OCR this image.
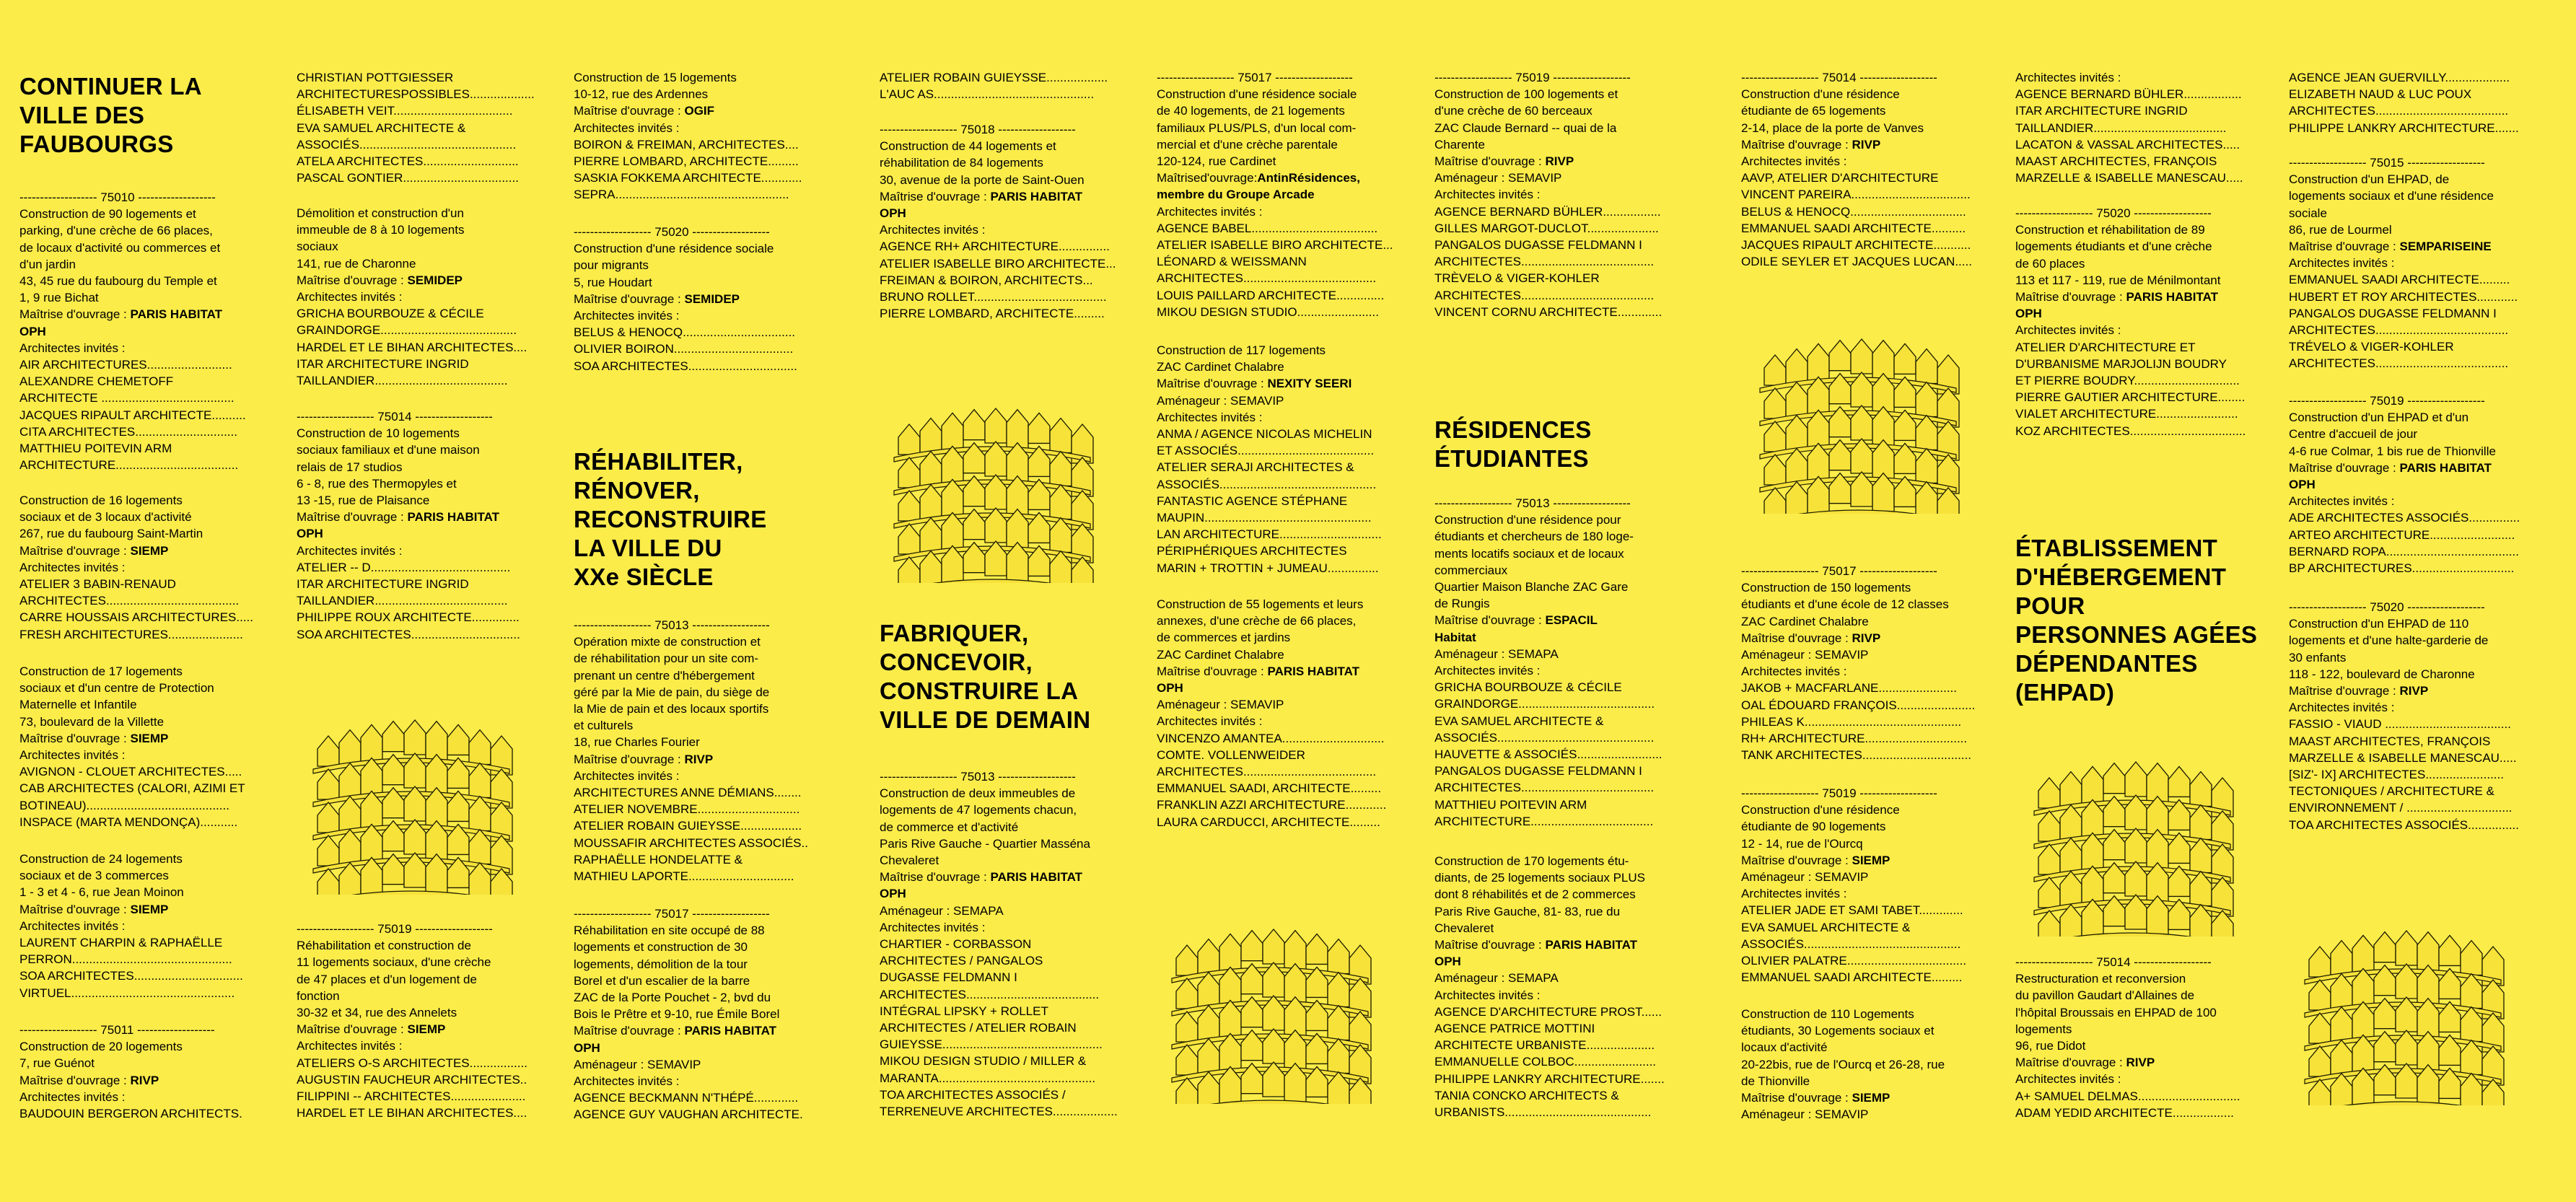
CONTINUER LA
VILLE DES
FAUBOURGS
------------------- 75010 -------------------
Construction de 90 logements et
parking, d'une crèche de 66 places,
de locaux d'activité ou commerces et
d'un jardin
43, 45 rue du faubourg du Temple et
1, 9 rue Bichat
Maîtrise d'ouvrage : PARIS HABITAT
OPH
Architectes invités :
AIR ARCHITECTURES.........................
ALEXANDRE CHEMETOFF
ARCHITECTE .......................................
JACQUES RIPAULT ARCHITECTE..........
CITA ARCHITECTES..............................
MATTHIEU POITEVIN ARM
ARCHITECTURE....................................
Construction de 16 logements
sociaux et de 3 locaux d'activité
267, rue du faubourg Saint-Martin
Maîtrise d'ouvrage : SIEMP
Architectes invités :
ATELIER 3 BABIN-RENAUD
ARCHITECTES.......................................
CARRE HOUSSAIS ARCHITECTURES.....
FRESH ARCHITECTURES......................
Construction de 17 logements
sociaux et d'un centre de Protection
Maternelle et Infantile
73, boulevard de la Villette
Maîtrise d'ouvrage : SIEMP
Architectes invités :
AVIGNON - CLOUET ARCHITECTES.....
CAB ARCHITECTES (CALORI, AZIMI ET
BOTINEAU)..........................................
INSPACE (MARTA MENDONÇA)...........
Construction de 24 logements
sociaux et de 3 commerces
1 - 3 et 4 - 6, rue Jean Moinon
Maîtrise d'ouvrage : SIEMP
Architectes invités :
LAURENT CHARPIN & RAPHAËLLE
PERRON...............................................
SOA ARCHITECTES................................
VIRTUEL................................................
------------------- 75011 -------------------
Construction de 20 logements
7, rue Guénot
Maîtrise d'ouvrage : RIVP
Architectes invités :
BAUDOUIN BERGERON ARCHITECTS.
CHRISTIAN POTTGIESSER
ARCHITECTURESPOSSIBLES...................
ÉLISABETH VEIT...................................
EVA SAMUEL ARCHITECTE &
ASSOCIÉS..............................................
ATELA ARCHITECTES............................
PASCAL GONTIER..................................
Démolition et construction d'un
immeuble de 8 à 10 logements
sociaux
141, rue de Charonne
Maîtrise d'ouvrage : SEMIDEP
Architectes invités :
GRICHA BOURBOUZE & CÉCILE
GRAINDORGE........................................
HARDEL ET LE BIHAN ARCHITECTES....
ITAR ARCHITECTURE INGRID
TAILLANDIER.......................................
------------------- 75014 -------------------
Construction de 10 logements
sociaux familiaux et d'une maison
relais de 17 studios
6 - 8, rue des Thermopyles et
13 -15, rue de Plaisance
Maîtrise d'ouvrage : PARIS HABITAT
OPH
Architectes invités :
ATELIER -- D.........................................
ITAR ARCHITECTURE INGRID
TAILLANDIER.......................................
PHILIPPE ROUX ARCHITECTE..............
SOA ARCHITECTES................................
------------------- 75019 -------------------
Réhabilitation et construction de
11 logements sociaux, d'une crèche
de 47 places et d'un logement de
fonction
30-32 et 34, rue des Annelets
Maîtrise d'ouvrage : SIEMP
Architectes invités :
ATELIERS O-S ARCHITECTES.................
AUGUSTIN FAUCHEUR ARCHITECTES..
FILIPPINI -- ARCHITECTES......................
HARDEL ET LE BIHAN ARCHITECTES....
Construction de 15 logements
10-12, rue des Ardennes
Maîtrise d'ouvrage : OGIF
Architectes invités :
BOIRON & FREIMAN, ARCHITECTES....
PIERRE LOMBARD, ARCHITECTE.........
SASKIA FOKKEMA ARCHITECTE............
SEPRA...................................................
------------------- 75020 -------------------
Construction d'une résidence sociale
pour migrants
5, rue Houdart
Maîtrise d'ouvrage : SEMIDEP
Architectes invités :
BELUS & HENOCQ.................................
OLIVIER BOIRON...................................
SOA ARCHITECTES................................
RÉHABILITER,
RÉNOVER,
RECONSTRUIRE
LA VILLE DU
XXe SIÈCLE
------------------- 75013 -------------------
Opération mixte de construction et
de réhabilitation pour un site com-
prenant un centre d'hébergement
géré par la Mie de pain, du siège de
la Mie de pain et des locaux sportifs
et culturels
18, rue Charles Fourier
Maîtrise d'ouvrage : RIVP
Architectes invités :
ARCHITECTURES ANNE DÉMIANS........
ATELIER NOVEMBRE..............................
ATELIER ROBAIN GUIEYSSE..................
MOUSSAFIR ARCHITECTES ASSOCIÉS..
RAPHAËLLE HONDELATTE &
MATHIEU LAPORTE...............................
------------------- 75017 -------------------
Réhabilitation en site occupé de 88
logements et construction de 30
logements, démolition de la tour
Borel et d'un escalier de la barre
ZAC de la Porte Pouchet - 2, bvd du
Bois le Prêtre et 9-10, rue Émile Borel
Maîtrise d'ouvrage : PARIS HABITAT
OPH
Aménageur : SEMAVIP
Architectes invités :
AGENCE BECKMANN N'THÉPÉ.............
AGENCE GUY VAUGHAN ARCHITECTE.
ATELIER ROBAIN GUIEYSSE..................
L'AUC AS...............................................
------------------- 75018 -------------------
Construction de 44 logements et
réhabilitation de 84 logements
30, avenue de la porte de Saint-Ouen
Maîtrise d'ouvrage : PARIS HABITAT
OPH
Architectes invités :
AGENCE RH+ ARCHITECTURE...............
ATELIER ISABELLE BIRO ARCHITECTE...
FREIMAN & BOIRON, ARCHITECTS...
BRUNO ROLLET.......................................
PIERRE LOMBARD, ARCHITECTE.........
FABRIQUER,
CONCEVOIR,
CONSTRUIRE LA
VILLE DE DEMAIN
------------------- 75013 -------------------
Construction de deux immeubles de
logements de 47 logements chacun,
de commerce et d'activité
Paris Rive Gauche - Quartier Masséna
Chevaleret
Maîtrise d'ouvrage : PARIS HABITAT
OPH
Aménageur : SEMAPA
Architectes invités :
CHARTIER - CORBASSON
ARCHITECTES / PANGALOS
DUGASSE FELDMANN I
ARCHITECTES.......................................
INTÉGRAL LIPSKY + ROLLET
ARCHITECTES / ATELIER ROBAIN
GUIEYSSE...............................................
MIKOU DESIGN STUDIO / MILLER &
MARANTA..............................................
TOA ARCHITECTES ASSOCIÉS /
TERRENEUVE ARCHITECTES...................
------------------- 75017 -------------------
Construction d'une résidence sociale
de 40 logements, de 21 logements
familiaux PLUS/PLS, d'un local com-
mercial et d'une crèche parentale
120-124, rue Cardinet
Maîtrised'ouvrage:AntinRésidences,
membre du Groupe Arcade
Architectes invités :
AGENCE BABEL.....................................
ATELIER ISABELLE BIRO ARCHITECTE...
LÉONARD & WEISSMANN
ARCHITECTES.......................................
LOUIS PAILLARD ARCHITECTE..............
MIKOU DESIGN STUDIO........................
Construction de 117 logements
ZAC Cardinet Chalabre
Maîtrise d'ouvrage : NEXITY SEERI
Aménageur : SEMAVIP
Architectes invités :
ANMA / AGENCE NICOLAS MICHELIN
ET ASSOCIÉS........................................
ATELIER SERAJI ARCHITECTES &
ASSOCIÉS..............................................
FANTASTIC AGENCE STÉPHANE
MAUPIN.................................................
LAN ARCHITECTURE..............................
PÉRIPHÉRIQUES ARCHITECTES
MARIN + TROTTIN + JUMEAU...............
Construction de 55 logements et leurs
annexes, d'une crèche de 66 places,
de commerces et jardins
ZAC Cardinet Chalabre
Maîtrise d'ouvrage : PARIS HABITAT
OPH
Aménageur : SEMAVIP
Architectes invités :
VINCENZO AMANTEA..............................
COMTE. VOLLENWEIDER
ARCHITECTES.......................................
EMMANUEL SAADI, ARCHITECTE.........
FRANKLIN AZZI ARCHITECTURE............
LAURA CARDUCCI, ARCHITECTE.........
------------------- 75019 -------------------
Construction de 100 logements et
d'une crèche de 60 berceaux
ZAC Claude Bernard -- quai de la
Charente
Maîtrise d'ouvrage : RIVP
Aménageur : SEMAVIP
Architectes invités :
AGENCE BERNARD BÜHLER.................
GILLES MARGOT-DUCLOT.....................
PANGALOS DUGASSE FELDMANN I
ARCHITECTES.......................................
TRÈVELO & VIGER-KOHLER
ARCHITECTES.......................................
VINCENT CORNU ARCHITECTE.............
RÉSIDENCES
ÉTUDIANTES
------------------- 75013 -------------------
Construction d'une résidence pour
étudiants et chercheurs de 180 loge-
ments locatifs sociaux et de locaux
commerciaux
Quartier Maison Blanche ZAC Gare
de Rungis
Maîtrise d'ouvrage : ESPACIL
Habitat
Aménageur : SEMAPA
Architectes invités :
GRICHA BOURBOUZE & CÉCILE
GRAINDORGE........................................
EVA SAMUEL ARCHITECTE &
ASSOCIÉS..............................................
HAUVETTE & ASSOCIÉS.........................
PANGALOS DUGASSE FELDMANN I
ARCHITECTES.......................................
MATTHIEU POITEVIN ARM
ARCHITECTURE....................................
Construction de 170 logements étu-
diants, de 25 logements sociaux PLUS
dont 8 réhabilités et de 2 commerces
Paris Rive Gauche, 81- 83, rue du
Chevaleret
Maîtrise d'ouvrage : PARIS HABITAT
OPH
Aménageur : SEMAPA
Architectes invités :
AGENCE D'ARCHITECTURE PROST......
AGENCE PATRICE MOTTINI
ARCHITECTE URBANISTE....................
EMMANUELLE COLBOC........................
PHILIPPE LANKRY ARCHITECTURE.......
TANIA CONCKO ARCHITECTS &
URBANISTS...........................................
------------------- 75014 -------------------
Construction d'une résidence
étudiante de 65 logements
2-14, place de la porte de Vanves
Maîtrise d'ouvrage : RIVP
Architectes invités :
AAVP, ATELIER D'ARCHITECTURE
VINCENT PAREIRA...................................
BELUS & HENOCQ..................................
EMMANUEL SAADI ARCHITECTE..........
JACQUES RIPAULT ARCHITECTE...........
ODILE SEYLER ET JACQUES LUCAN.....
------------------- 75017 -------------------
Construction de 150 logements
étudiants et d'une école de 12 classes
ZAC Cardinet Chalabre
Maîtrise d'ouvrage : RIVP
Aménageur : SEMAVIP
Architectes invités :
JAKOB + MACFARLANE.......................
OAL ÉDOUARD FRANÇOIS.......................
PHILEAS K..............................................
RH+ ARCHITECTURE..............................
TANK ARCHITECTES................................
------------------- 75019 -------------------
Construction d'une résidence
étudiante de 90 logements
12 - 14, rue de l'Ourcq
Maîtrise d'ouvrage : SIEMP
Aménageur : SEMAVIP
Architectes invités :
ATELIER JADE ET SAMI TABET.............
EVA SAMUEL ARCHITECTE &
ASSOCIÉS..............................................
OLIVIER PALATRE...................................
EMMANUEL SAADI ARCHITECTE.........
Construction de 110 Logements
étudiants, 30 Logements sociaux et
locaux d'activité
20-22bis, rue de l'Ourcq et 26-28, rue
de Thionville
Maîtrise d'ouvrage : SIEMP
Aménageur : SEMAVIP
Architectes invités :
AGENCE BERNARD BÜHLER.................
ITAR ARCHITECTURE INGRID
TAILLANDIER.......................................
LACATON & VASSAL ARCHITECTES.....
MAAST ARCHITECTES, FRANÇOIS
MARZELLE & ISABELLE MANESCAU.....
------------------- 75020 -------------------
Construction et réhabilitation de 89
logements étudiants et d'une crèche
de 60 places
113 et 117 - 119, rue de Ménilmontant
Maîtrise d'ouvrage : PARIS HABITAT
OPH
Architectes invités :
ATELIER D'ARCHITECTURE ET
D'URBANISME MARJOLIJN BOUDRY
ET PIERRE BOUDRY...............................
PIERRE GAUTIER ARCHITECTURE........
VIALET ARCHITECTURE........................
KOZ ARCHITECTES..................................
ÉTABLISSEMENT
D'HÉBERGEMENT
POUR
PERSONNES AGÉES
DÉPENDANTES
(EHPAD)
------------------- 75014 -------------------
Restructuration et reconversion
du pavillon Gaudart d'Allaines de
l'hôpital Broussais en EHPAD de 100
logements
96, rue Didot
Maîtrise d'ouvrage : RIVP
Architectes invités :
A+ SAMUEL DELMAS..............................
ADAM YEDID ARCHITECTE..................
AGENCE JEAN GUERVILLY...................
ELIZABETH NAUD & LUC POUX
ARCHITECTES.......................................
PHILIPPE LANKRY ARCHITECTURE.......
------------------- 75015 -------------------
Construction d'un EHPAD, de
logements sociaux et d'une résidence
sociale
86, rue de Lourmel
Maîtrise d'ouvrage : SEMPARISEINE
Architectes invités :
EMMANUEL SAADI ARCHITECTE.........
HUBERT ET ROY ARCHITECTES............
PANGALOS DUGASSE FELDMANN I
ARCHITECTES.......................................
TRÉVELO & VIGER-KOHLER
ARCHITECTES.......................................
------------------- 75019 -------------------
Construction d'un EHPAD et d'un
Centre d'accueil de jour
4-6 rue Colmar, 1 bis rue de Thionville
Maîtrise d'ouvrage : PARIS HABITAT
OPH
Architectes invités :
ADE ARCHITECTES ASSOCIÉS...............
ARTEO ARCHITECTURE.........................
BERNARD ROPA.......................................
BP ARCHITECTURES..............................
------------------- 75020 -------------------
Construction d'un EHPAD de 110
logements et d'une halte-garderie de
30 enfants
118 - 122, boulevard de Charonne
Maîtrise d'ouvrage : RIVP
Architectes invités :
FASSIO - VIAUD .....................................
MAAST ARCHITECTES, FRANÇOIS
MARZELLE & ISABELLE MANESCAU.....
[SIZ'- IX] ARCHITECTES.......................
TECTONIQUES / ARCHITECTURE &
ENVIRONNEMENT / ...............................
TOA ARCHITECTES ASSOCIÉS...............
